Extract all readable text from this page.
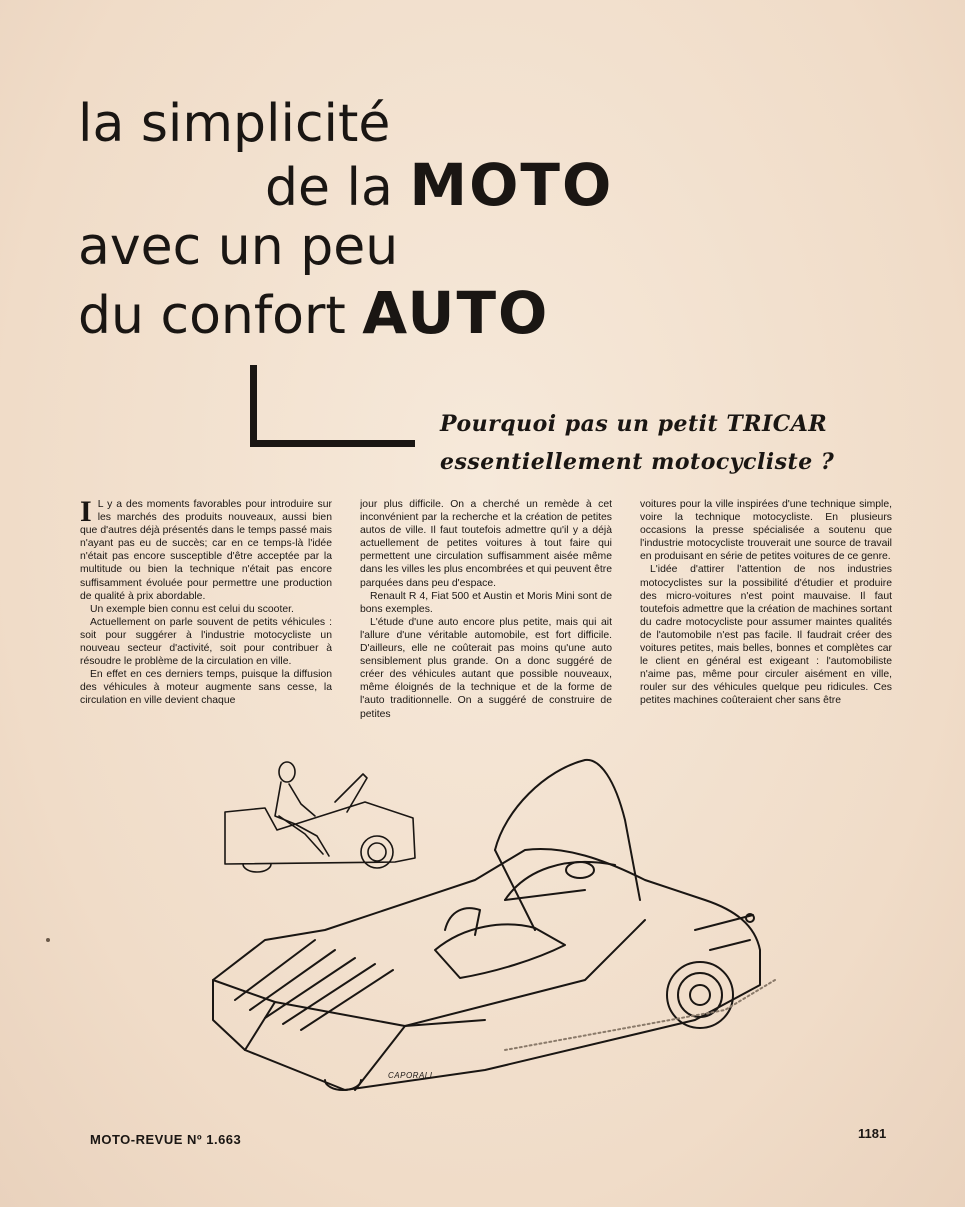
la simplicité
de la MOTO
avec un peu
du confort AUTO
Pourquoi pas un petit TRICAR
essentiellement motocycliste ?

I L y a des moments favorables pour introduire sur les marchés des produits nouveaux, aussi bien que d'autres déjà présentés dans le temps passé mais n'ayant pas eu de succès; car en ce temps-là l'idée n'était pas encore susceptible d'être acceptée par la multitude ou bien la technique n'était pas encore suffisamment évoluée pour permettre une production de qualité à prix abordable.

Un exemple bien connu est celui du scooter.

Actuellement on parle souvent de petits véhicules : soit pour suggérer à l'industrie motocycliste un nouveau secteur d'activité, soit pour contribuer à résoudre le problème de la circulation en ville.

En effet en ces derniers temps, puisque la diffusion des véhicules à moteur augmente sans cesse, la circulation en ville devient chaque

jour plus difficile. On a cherché un remède à cet inconvénient par la recherche et la création de petites autos de ville. Il faut toutefois admettre qu'il y a déjà actuellement de petites voitures à tout faire qui permettent une circulation suffisamment aisée même dans les villes les plus encombrées et qui peuvent être parquées dans peu d'espace.

Renault R 4, Fiat 500 et Austin et Moris Mini sont de bons exemples.

L'étude d'une auto encore plus petite, mais qui ait l'allure d'une véritable automobile, est fort difficile. D'ailleurs, elle ne coûterait pas moins qu'une auto sensiblement plus grande. On a donc suggéré de créer des véhicules autant que possible nouveaux, même éloignés de la technique et de la forme de l'auto traditionnelle. On a suggéré de construire de petites

voitures pour la ville inspirées d'une technique simple, voire la technique motocycliste. En plusieurs occasions la presse spécialisée a soutenu que l'industrie motocycliste trouverait une source de travail en produisant en série de petites voitures de ce genre.

L'idée d'attirer l'attention de nos industries motocyclistes sur la possibilité d'étudier et produire des micro-voitures n'est point mauvaise. Il faut toutefois admettre que la création de machines sortant du cadre motocycliste pour assumer maintes qualités de l'automobile n'est pas facile. Il faudrait créer des voitures petites, mais belles, bonnes et complètes car le client en général est exigeant : l'automobiliste n'aime pas, même pour circuler aisément en ville, rouler sur des véhicules quelque peu ridicules. Ces petites machines coûteraient cher sans être

CAPORALI
MOTO-REVUE Nº 1.663	1181
